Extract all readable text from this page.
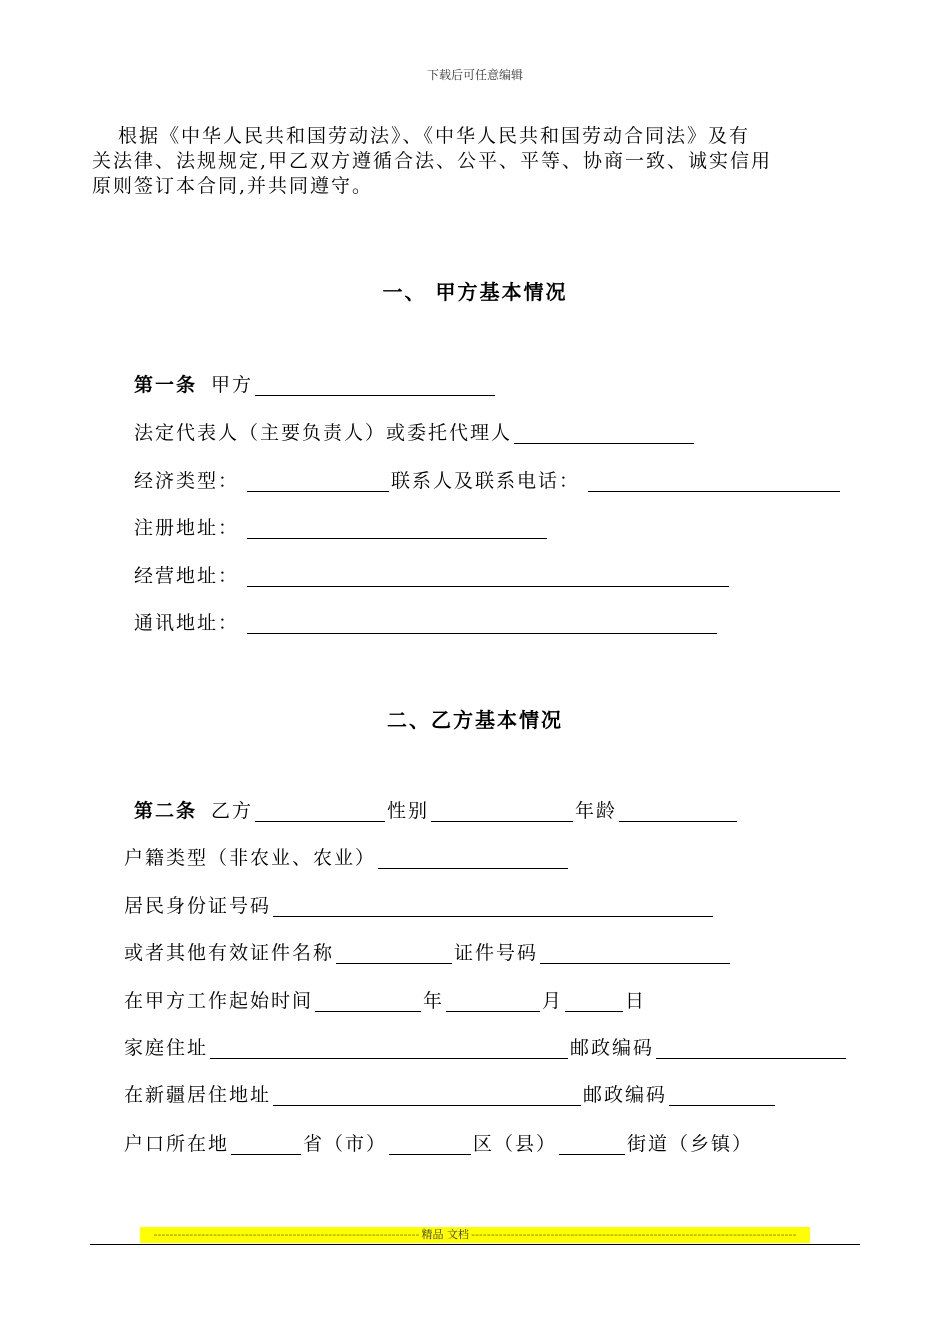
下载后可任意编辑
根据《中华人民共和国劳动法》、《中华人民共和国劳动合同法》及有
关法律、法规规定,甲乙双方遵循合法、公平、平等、协商一致、诚实信用
原则签订本合同,并共同遵守。
一、 甲方基本情况
第一条 甲方
法定代表人（主要负责人）或委托代理人
经济类型：	联系人及联系电话：
注册地址：
经营地址：
通讯地址：
二、乙方基本情况
第二条 乙方	性别	年龄
户籍类型（非农业、农业）
居民身份证号码
或者其他有效证件名称	证件号码
在甲方工作起始时间	年	月	日
家庭住址	邮政编码
在新疆居住地址	邮政编码
户口所在地	省（市）	区（县）	街道（乡镇）
------------------------------------------------------------------- 精品 文档 ----------------------------------------------------------------------------------
